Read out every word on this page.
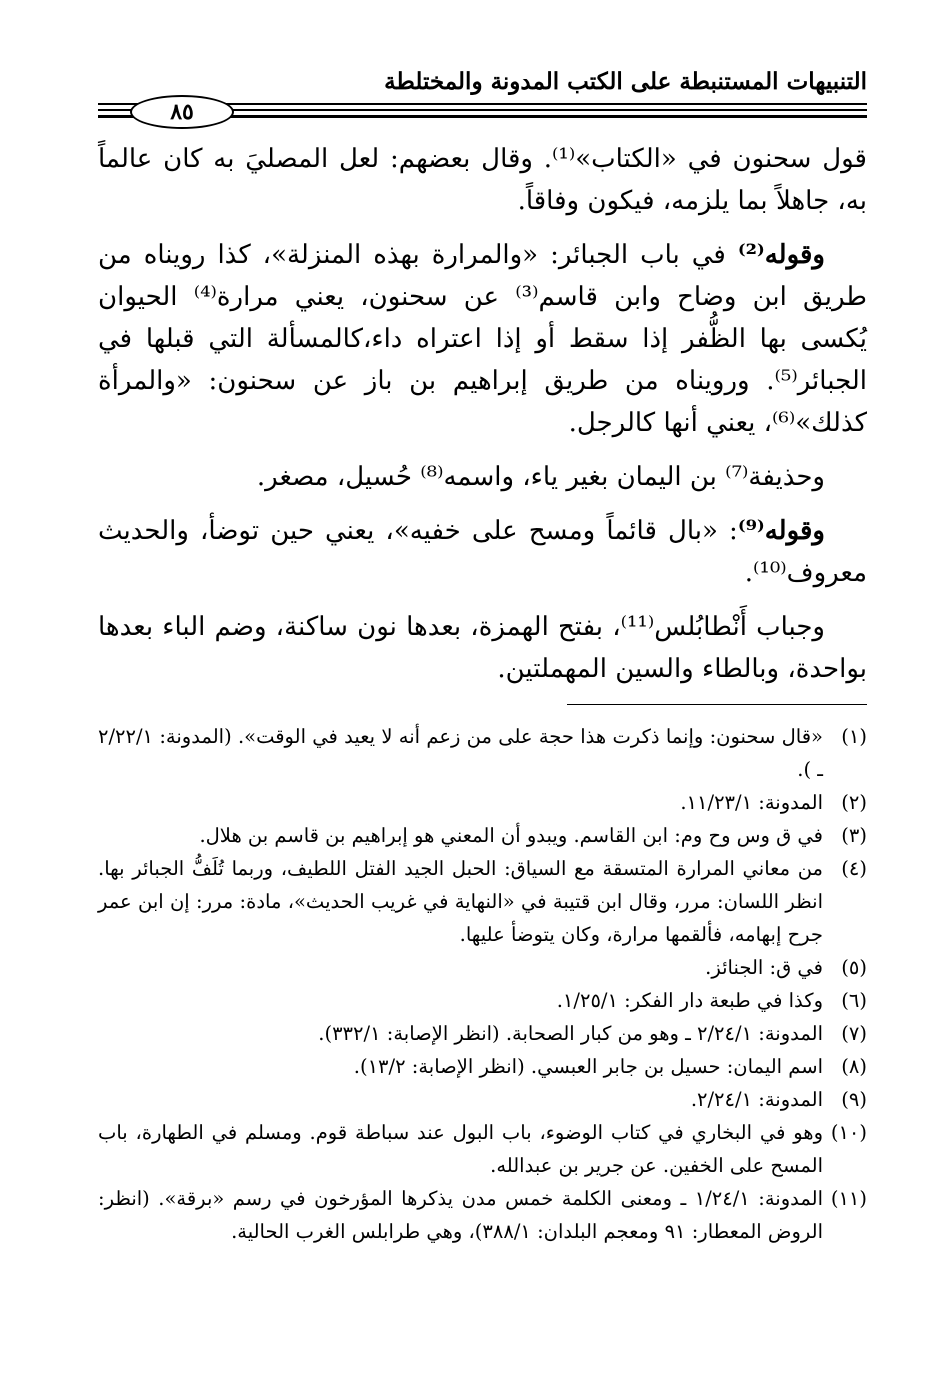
التنبيهات المستنبطة على الكتب المدونة والمختلطة
٨٥

قول سحنون في «الكتاب»⁽¹⁾. وقال بعضهم: لعل المصليَ به كان عالماً به، جاهلاً بما يلزمه، فيكون وفاقاً.

وقوله⁽²⁾ في باب الجبائر: «والمرارة بهذه المنزلة»، كذا رويناه من طريق ابن وضاح وابن قاسم⁽³⁾ عن سحنون، يعني مرارة⁽⁴⁾ الحيوان يُكسى بها الظُّفر إذا سقط أو إذا اعتراه داء،كالمسألة التي قبلها في الجبائر⁽⁵⁾. ورويناه من طريق إبراهيم بن باز عن سحنون: «والمرأة كذلك»⁽⁶⁾، يعني أنها كالرجل.

وحذيفة⁽⁷⁾ بن اليمان بغير ياء، واسمه⁽⁸⁾ حُسيل، مصغر.

وقوله⁽⁹⁾: «بال قائماً ومسح على خفيه»، يعني حين توضأ، والحديث معروف⁽¹⁰⁾.

وجباب أَنْطابُلس⁽¹¹⁾، بفتح الهمزة، بعدها نون ساكنة، وضم الباء بعدها بواحدة، وبالطاء والسين المهملتين.

(١)
«قال سحنون: وإنما ذكرت هذا حجة على من زعم أنه لا يعيد في الوقت». (المدونة: ٢/٢٢/١ ـ ).
(٢)
المدونة: ١١/٢٣/١.
(٣)
في ق وس وح وم: ابن القاسم. ويبدو أن المعني هو إبراهيم بن قاسم بن هلال.
(٤)
من معاني المرارة المتسقة مع السياق: الحبل الجيد الفتل اللطيف، وربما تُلَفُّ الجبائر بها. انظر اللسان: مرر، وقال ابن قتيبة في «النهاية في غريب الحديث»، مادة: مرر: إن ابن عمر جرح إبهامه، فألقمها مرارة، وكان يتوضأ عليها.
(٥)
في ق: الجنائز.
(٦)
وكذا في طبعة دار الفكر: ١/٢٥/١.
(٧)
المدونة: ٢/٢٤/١ ـ وهو من كبار الصحابة. (انظر الإصابة: ٣٣٢/١).
(٨)
اسم اليمان: حسيل بن جابر العبسي. (انظر الإصابة: ١٣/٢).
(٩)
المدونة: ٢/٢٤/١.
(١٠)
وهو في البخاري في كتاب الوضوء، باب البول عند سباطة قوم. ومسلم في الطهارة، باب المسح على الخفين. عن جرير بن عبدالله.
(١١)
المدونة: ١/٢٤/١ ـ ومعنى الكلمة خمس مدن يذكرها المؤرخون في رسم «برقة». (انظر: الروض المعطار: ٩١ ومعجم البلدان: ٣٨٨/١)، وهي طرابلس الغرب الحالية.
